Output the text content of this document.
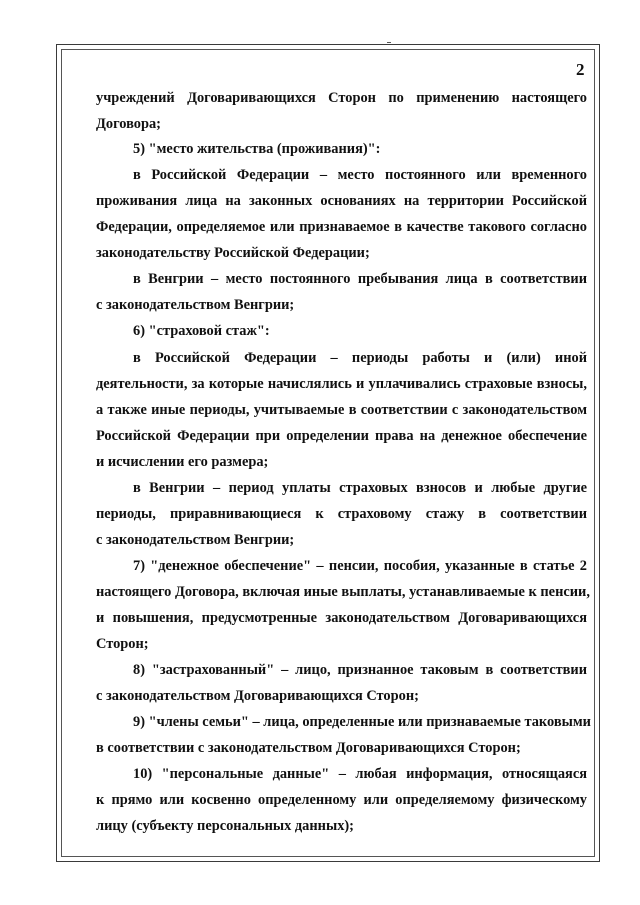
2
учреждений Договаривающихся Сторон по применению настоящего
Договора;
5) "место жительства (проживания)":
в Российской Федерации – место постоянного или временного
проживания лица на законных основаниях на территории Российской
Федерации, определяемое или признаваемое в качестве такового согласно
законодательству Российской Федерации;
в Венгрии – место постоянного пребывания лица в соответствии
с законодательством Венгрии;
6) "страховой стаж":
в Российской Федерации – периоды работы и (или) иной
деятельности, за которые начислялись и уплачивались страховые взносы,
а также иные периоды, учитываемые в соответствии с законодательством
Российской Федерации при определении права на денежное обеспечение
и исчислении его размера;
в Венгрии – период уплаты страховых взносов и любые другие
периоды, приравнивающиеся к страховому стажу в соответствии
с законодательством Венгрии;
7) "денежное обеспечение" – пенсии, пособия, указанные в статье 2
настоящего Договора, включая иные выплаты, устанавливаемые к пенсии,
и повышения, предусмотренные законодательством Договаривающихся
Сторон;
8) "застрахованный" – лицо, признанное таковым в соответствии
с законодательством Договаривающихся Сторон;
9) "члены семьи" – лица, определенные или признаваемые таковыми
в соответствии с законодательством Договаривающихся Сторон;
10) "персональные данные" – любая информация, относящаяся
к прямо или косвенно определенному или определяемому физическому
лицу (субъекту персональных данных);
